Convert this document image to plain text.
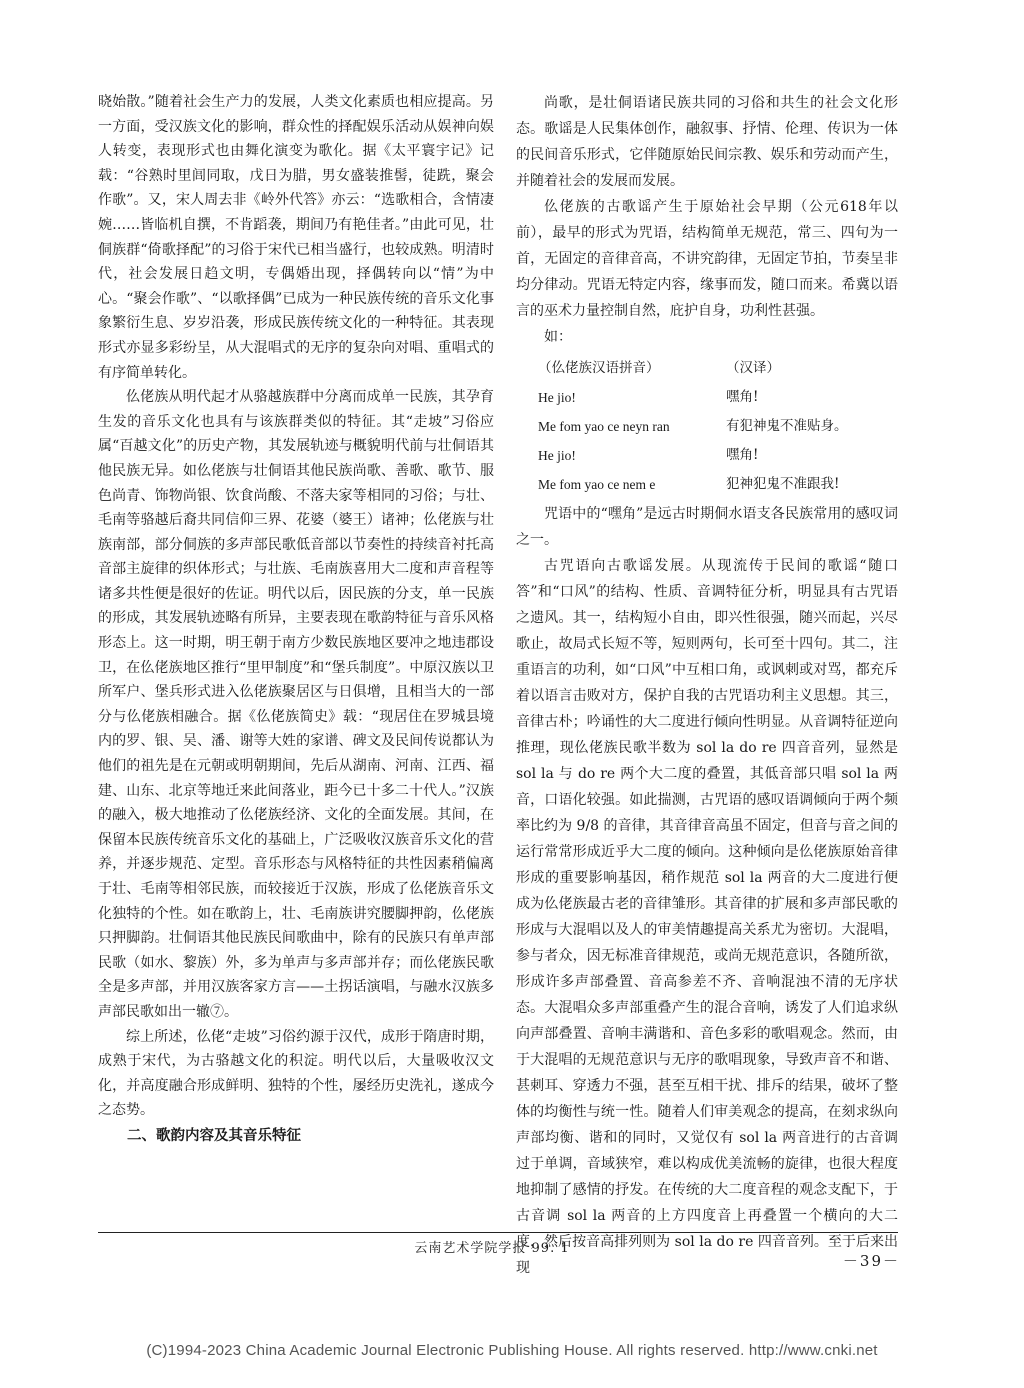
晓始散。”随着社会生产力的发展，人类文化素质也相应提高。另一方面，受汉族文化的影响，群众性的择配娱乐活动从娱神向娱人转变，表现形式也由舞化演变为歌化。据《太平寰宇记》记载：“谷熟时里闾同取，戊日为腊，男女盛装推髻，徒跣，聚会作歌”。又，宋人周去非《岭外代答》亦云：“选歌相合，含情凄婉……皆临机自撰，不肯蹈袭，期间乃有艳佳者。”由此可见，壮侗族群“倚歌择配”的习俗于宋代已相当盛行，也较成熟。明清时代，社会发展日趋文明，专偶婚出现，择偶转向以“情”为中心。“聚会作歌”、“以歌择偶”已成为一种民族传统的音乐文化事象繁衍生息、岁岁沿袭，形成民族传统文化的一种特征。其表现形式亦显多彩纷呈，从大混唱式的无序的复杂向对唱、重唱式的有序简单转化。

仫佬族从明代起才从骆越族群中分离而成单一民族，其孕育生发的音乐文化也具有与该族群类似的特征。其“走坡”习俗应属“百越文化”的历史产物，其发展轨迹与概貌明代前与壮侗语其他民族无异。如仫佬族与壮侗语其他民族尚歌、善歌、歌节、服色尚青、饰物尚银、饮食尚酸、不落夫家等相同的习俗；与壮、毛南等骆越后裔共同信仰三界、花婆（婆王）诸神；仫佬族与壮族南部，部分侗族的多声部民歌低音部以节奏性的持续音衬托高音部主旋律的织体形式；与壮族、毛南族喜用大二度和声音程等诸多共性便是很好的佐证。明代以后，因民族的分支，单一民族的形成，其发展轨迹略有所异，主要表现在歌韵特征与音乐风格形态上。这一时期，明王朝于南方少数民族地区要冲之地违郡设卫，在仫佬族地区推行“里甲制度”和“堡兵制度”。中原汉族以卫所军户、堡兵形式进入仫佬族聚居区与日俱增，且相当大的一部分与仫佬族相融合。据《仫佬族简史》载：“现居住在罗城县境内的罗、银、吴、潘、谢等大姓的家谱、碑文及民间传说都认为他们的祖先是在元朝或明朝期间，先后从湖南、河南、江西、福建、山东、北京等地迁来此间落业，距今已十多二十代人。”汉族的融入，极大地推动了仫佬族经济、文化的全面发展。其间，在保留本民族传统音乐文化的基础上，广泛吸收汉族音乐文化的营养，并逐步规范、定型。音乐形态与风格特征的共性因素稍偏离于壮、毛南等相邻民族，而较接近于汉族，形成了仫佬族音乐文化独特的个性。如在歌韵上，壮、毛南族讲究腰脚押韵，仫佬族只押脚韵。壮侗语其他民族民间歌曲中，除有的民族只有单声部民歌（如水、黎族）外，多为单声与多声部并存；而仫佬族民歌全是多声部，并用汉族客家方言——土拐话演唱，与融水汉族多声部民歌如出一辙⑦。

综上所述，仫佬“走坡”习俗约源于汉代，成形于隋唐时期，成熟于宋代，为古骆越文化的积淀。明代以后，大量吸收汉文化，并高度融合形成鲜明、独特的个性，屡经历史洗礼，遂成今之态势。

二、歌韵内容及其音乐特征

尚歌，是壮侗语诸民族共同的习俗和共生的社会文化形态。歌谣是人民集体创作，融叙事、抒情、伦理、传识为一体的民间音乐形式，它伴随原始民间宗教、娱乐和劳动而产生，并随着社会的发展而发展。

仫佬族的古歌谣产生于原始社会早期（公元618年以前），最早的形式为咒语，结构简单无规范，常三、四句为一首，无固定的音律音高，不讲究韵律，无固定节拍，节奏呈非均分律动。咒语无特定内容，缘事而发，随口而来。希冀以语言的巫术力量控制自然，庇护自身，功利性甚强。

如：

（仫佬族汉语拼音）	（汉译）
He jio!	嘿角!
Me fom yao ce neyn ran	有犯神鬼不准贴身。
He jio!	嘿角!
Me fom yao ce nem e	犯神犯鬼不准跟我!

咒语中的“嘿角”是远古时期侗水语支各民族常用的感叹词之一。

古咒语向古歌谣发展。从现流传于民间的歌谣“随口答”和“口风”的结构、性质、音调特征分析，明显具有古咒语之遗风。其一，结构短小自由，即兴性很强，随兴而起，兴尽歌止，故局式长短不等，短则两句，长可至十四句。其二，注重语言的功利，如“口风”中互相口角，或讽刺或对骂，都充斥着以语言击败对方，保护自我的古咒语功利主义思想。其三，音律古朴；吟诵性的大二度进行倾向性明显。从音调特征逆向推理，现仫佬族民歌半数为 sol la do re 四音音列，显然是 sol la 与 do re 两个大二度的叠置，其低音部只唱 sol la 两音，口语化较强。如此揣测，古咒语的感叹语调倾向于两个频率比约为 9/8 的音律，其音律音高虽不固定，但音与音之间的运行常常形成近乎大二度的倾向。这种倾向是仫佬族原始音律形成的重要影响基因，稍作规范 sol la 两音的大二度进行便成为仫佬族最古老的音律雏形。其音律的扩展和多声部民歌的形成与大混唱以及人的审美情趣提高关系尤为密切。大混唱，参与者众，因无标准音律规范，或尚无规范意识，各随所欲，形成许多声部叠置、音高参差不齐、音响混浊不清的无序状态。大混唱众多声部重叠产生的混合音响，诱发了人们追求纵向声部叠置、音响丰满谐和、音色多彩的歌唱观念。然而，由于大混唱的无规范意识与无序的歌唱现象，导致声音不和谐、甚刺耳、穿透力不强，甚至互相干扰、排斥的结果，破坏了整体的均衡性与统一性。随着人们审美观念的提高，在刻求纵向声部均衡、谐和的同时，又觉仅有 sol la 两音进行的古音调过于单调，音域狭窄，难以构成优美流畅的旋律，也很大程度地抑制了感情的抒发。在传统的大二度音程的观念支配下，于古音调 sol la 两音的上方四度音上再叠置一个横向的大二度，然后按音高排列则为 sol la do re 四音音列。至于后来出现

云南艺术学院学报 99. 1
－39－
(C)1994-2023 China Academic Journal Electronic Publishing House. All rights reserved. http://www.cnki.net
